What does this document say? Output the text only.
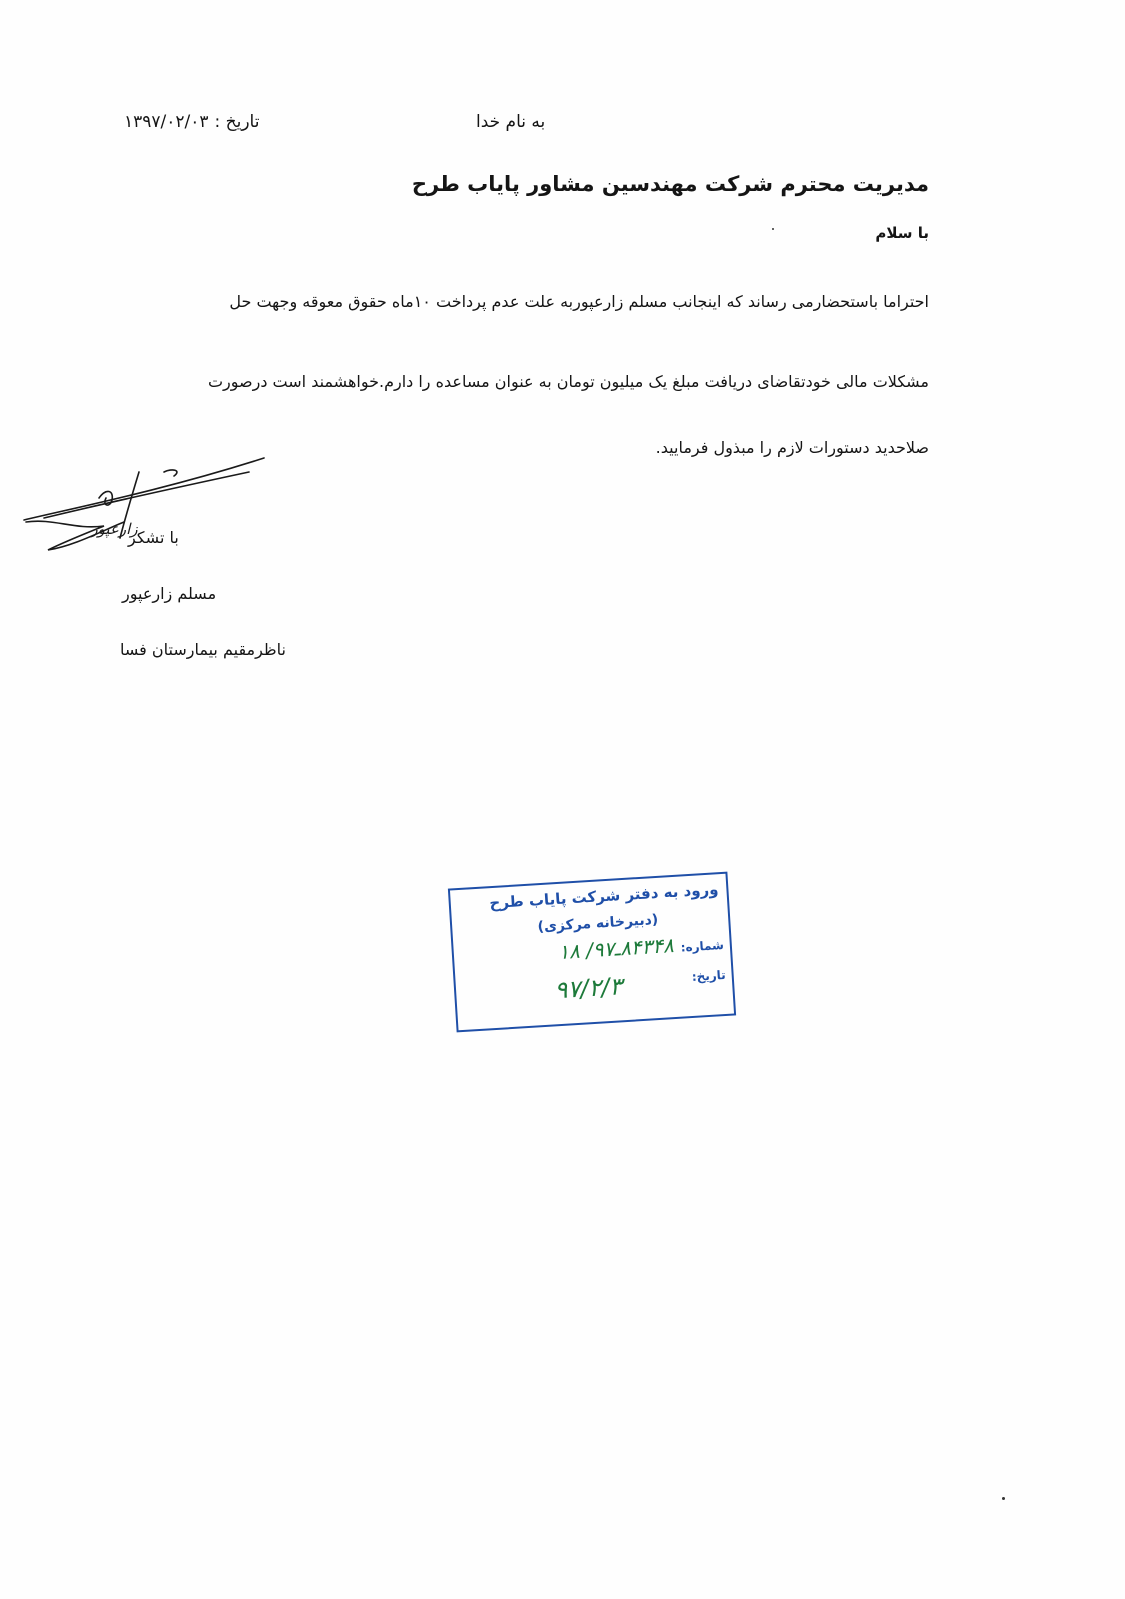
تاریخ :
۱۳۹۷/۰۲/۰۳	به نام خدا
مدیریت محترم شرکت مهندسین مشاور پایاب طرح
با سلام
احتراما باستحضارمی رساند که اینجانب مسلم زارعپوربه علت عدم پرداخت ۱۰ماه حقوق معوقه وجهت حل
مشکلات مالی خودتقاضای دریافت مبلغ یک میلیون تومان به عنوان مساعده را دارم.خواهشمند است درصورت
صلاحدید دستورات لازم را مبذول فرمایید.
زارعپور
با تشکر
مسلم زارعپور
ناظرمقیم بیمارستان فسا
ورود به دفتر شرکت پایاب طرح
(دبیرخانه مرکزی)
شماره:
۸۴۳۴۸ـ۹۷/ ۱۸
تاریخ:
۹۷/۲/۳
